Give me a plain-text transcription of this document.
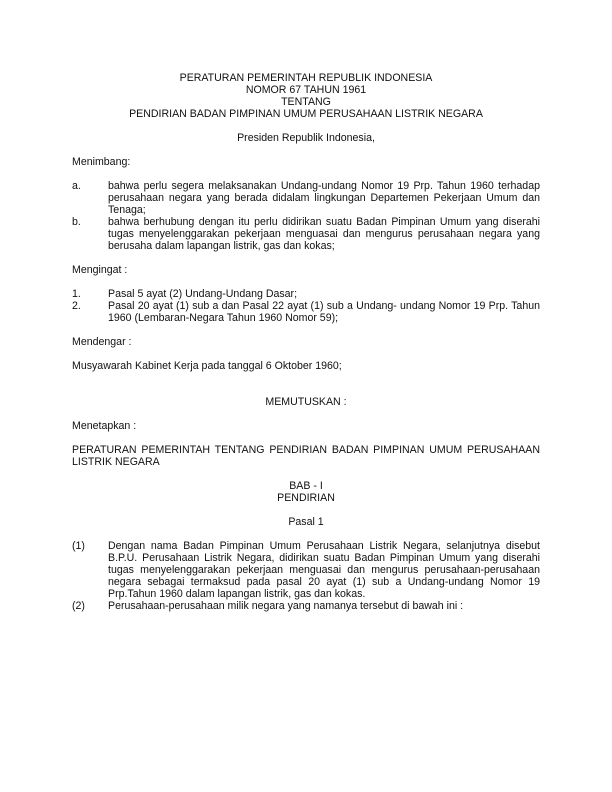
PERATURAN PEMERINTAH REPUBLIK INDONESIA
NOMOR 67 TAHUN 1961
TENTANG
PENDIRIAN BADAN PIMPINAN UMUM PERUSAHAAN LISTRIK NEGARA
Presiden Republik Indonesia,
Menimbang:
a.	bahwa perlu segera melaksanakan Undang-undang Nomor 19 Prp. Tahun 1960 terhadap perusahaan negara yang berada didalam lingkungan Departemen Pekerjaan Umum dan Tenaga;
b.	bahwa berhubung dengan itu perlu didirikan suatu Badan Pimpinan Umum yang diserahi tugas menyelenggarakan pekerjaan menguasai dan mengurus perusahaan negara yang berusaha dalam lapangan listrik, gas dan kokas;
Mengingat :
1.	Pasal 5 ayat (2) Undang-Undang Dasar;
2.	Pasal 20 ayat (1) sub a dan Pasal 22 ayat (1) sub a Undang- undang Nomor 19 Prp. Tahun 1960 (Lembaran-Negara Tahun 1960 Nomor 59);
Mendengar :
Musyawarah Kabinet Kerja pada tanggal 6 Oktober 1960;
MEMUTUSKAN :
Menetapkan :
PERATURAN PEMERINTAH TENTANG PENDIRIAN BADAN PIMPINAN UMUM PERUSAHAAN LISTRIK NEGARA
BAB - I
PENDIRIAN
Pasal 1
(1)	Dengan nama Badan Pimpinan Umum Perusahaan Listrik Negara, selanjutnya disebut B.P.U. Perusahaan Listrik Negara, didirikan suatu Badan Pimpinan Umum yang diserahi tugas menyelenggarakan pekerjaan menguasai dan mengurus perusahaan-perusahaan negara sebagai termaksud pada pasal 20 ayat (1) sub a Undang-undang Nomor 19 Prp.Tahun 1960 dalam lapangan listrik, gas dan kokas.
(2)	Perusahaan-perusahaan milik negara yang namanya tersebut di bawah ini :
